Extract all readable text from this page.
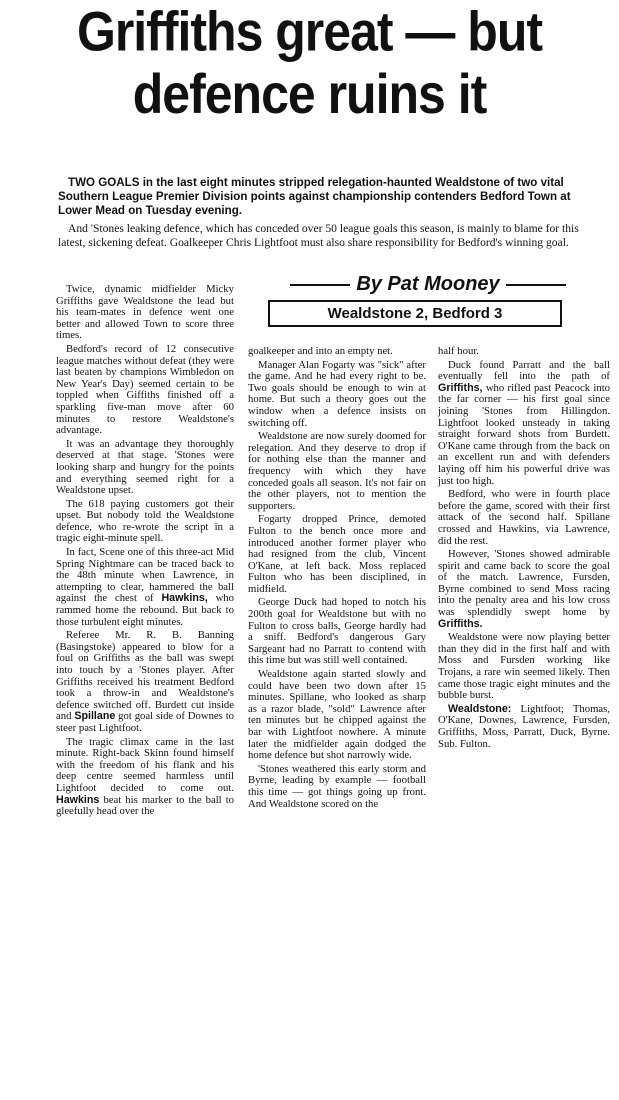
Griffiths great — but
defence ruins it

TWO GOALS in the last eight minutes stripped relegation-haunted Wealdstone of two vital Southern League Premier Division points against championship contenders Bedford Town at Lower Mead on Tuesday evening.

And 'Stones leaking defence, which has conceded over 50 league goals this season, is mainly to blame for this latest, sickening defeat. Goalkeeper Chris Lightfoot must also share responsibility for Bedford's winning goal.

By Pat Mooney

Wealdstone 2, Bedford 3

Twice, dynamic midfielder Micky Griffiths gave Wealdstone the lead but his team-mates in defence went one better and allowed Town to score three times.

Bedford's record of 12 consecutive league matches without defeat (they were last beaten by champions Wimbledon on New Year's Day) seemed certain to be toppled when Giffiths finished off a sparkling five-man move after 60 minutes to restore Wealdstone's advantage.

It was an advantage they thoroughly deserved at that stage. 'Stones were looking sharp and hungry for the points and everything seemed right for a Wealdstone upset.

The 618 paying customers got their upset. But nobody told the Wealdstone defence, who re-wrote the script in a tragic eight-minute spell.

In fact, Scene one of this three-act Mid Spring Nightmare can be traced back to the 48th minute when Lawrence, in attempting to clear, hammered the ball against the chest of Hawkins, who rammed home the rebound. But back to those turbulent eight minutes.

Referee Mr. R. B. Banning (Basingstoke) appeared to blow for a foul on Griffiths as the ball was swept into touch by a 'Stones player. After Griffiths received his treatment Bedford took a throw-in and Wealdstone's defence switched off. Burdett cut inside and Spillane got goal side of Downes to steer past Lightfoot.

The tragic climax came in the last minute. Right-back Skinn found himself with the freedom of his flank and his deep centre seemed harmless until Lightfoot decided to come out. Hawkins beat his marker to the ball to gleefully head over the

goalkeeper and into an empty net.

Manager Alan Fogarty was "sick" after the game. And he had every right to be. Two goals should be enough to win at home. But such a theory goes out the window when a defence insists on switching off.

Wealdstone are now surely doomed for relegation. And they deserve to drop if for nothing else than the manner and frequency with which they have conceded goals all season. It's not fair on the other players, not to mention the supporters.

Fogarty dropped Prince, demoted Fulton to the bench once more and introduced another former player who had resigned from the club, Vincent O'Kane, at left back. Moss replaced Fulton who has been disciplined, in midfield.

George Duck had hoped to notch his 200th goal for Wealdstone but with no Fulton to cross balls, George hardly had a sniff. Bedford's dangerous Gary Sargeant had no Parratt to contend with this time but was still well contained.

Wealdstone again started slowly and could have been two down after 15 minutes. Spillane, who looked as sharp as a razor blade, "sold" Lawrence after ten minutes but he chipped against the bar with Lightfoot nowhere. A minute later the midfielder again dodged the home defence but shot narrowly wide.

'Stones weathered this early storm and Byrne, leading by example — football this time — got things going up front. And Wealdstone scored on the

half hour.

Duck found Parratt and the ball eventually fell into the path of Griffiths, who rifled past Peacock into the far corner — his first goal since joining 'Stones from Hillingdon. Lightfoot looked unsteady in taking straight forward shots from Burdett. O'Kane came through from the back on an excellent run and with defenders laying off him his powerful drive was just too high.

Bedford, who were in fourth place before the game, scored with their first attack of the second half. Spillane crossed and Hawkins, via Lawrence, did the rest.

However, 'Stones showed admirable spirit and came back to score the goal of the match. Lawrence, Fursden, Byrne combined to send Moss racing into the penalty area and his low cross was splendidly swept home by Griffiths.

Wealdstone were now playing better than they did in the first half and with Moss and Fursden working like Trojans, a rare win seemed likely. Then came those tragic eight minutes and the bubble burst.

Wealdstone: Lightfoot; Thomas, O'Kane, Downes, Lawrence, Fursden, Griffiths, Moss, Parratt, Duck, Byrne. Sub. Fulton.
